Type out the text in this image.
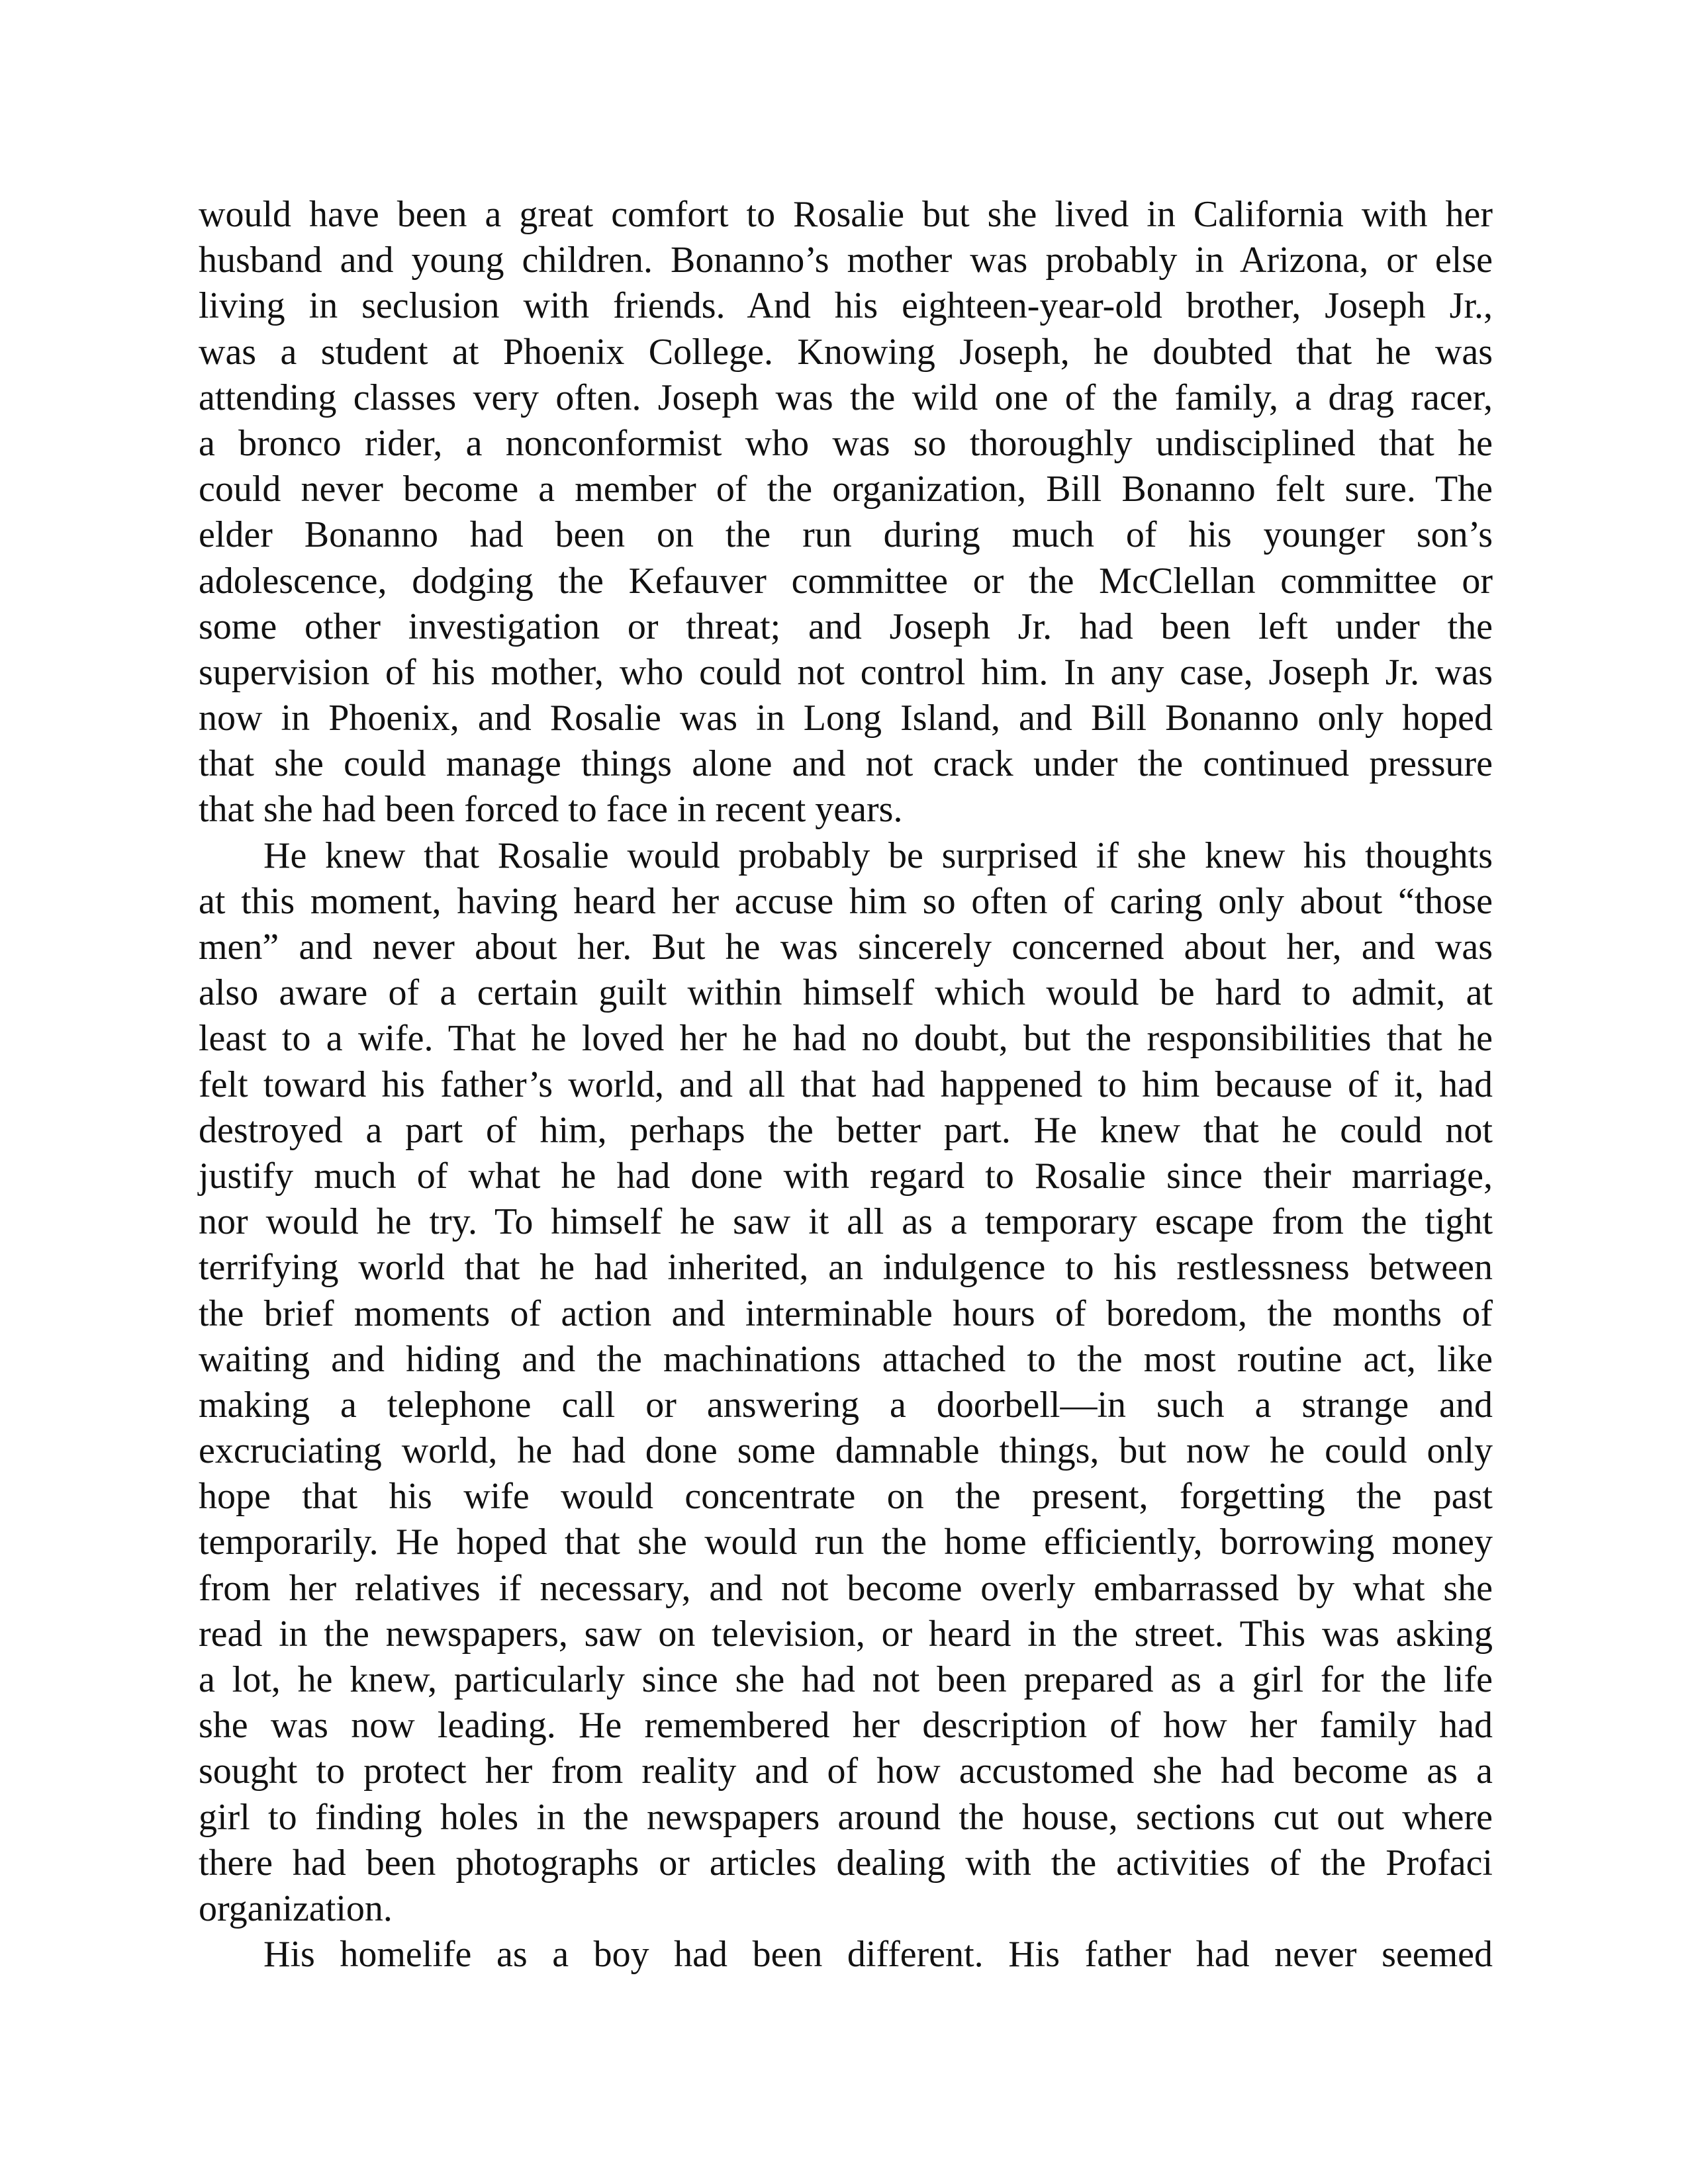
would have been a great comfort to Rosalie but she lived in California with her
husband and young children. Bonanno’s mother was probably in Arizona, or else
living in seclusion with friends. And his eighteen-year-old brother, Joseph Jr.,
was a student at Phoenix College. Knowing Joseph, he doubted that he was
attending classes very often. Joseph was the wild one of the family, a drag racer,
a bronco rider, a nonconformist who was so thoroughly undisciplined that he
could never become a member of the organization, Bill Bonanno felt sure. The
elder Bonanno had been on the run during much of his younger son’s
adolescence, dodging the Kefauver committee or the McClellan committee or
some other investigation or threat; and Joseph Jr. had been left under the
supervision of his mother, who could not control him. In any case, Joseph Jr. was
now in Phoenix, and Rosalie was in Long Island, and Bill Bonanno only hoped
that she could manage things alone and not crack under the continued pressure
that she had been forced to face in recent years.
He knew that Rosalie would probably be surprised if she knew his thoughts
at this moment, having heard her accuse him so often of caring only about “those
men” and never about her. But he was sincerely concerned about her, and was
also aware of a certain guilt within himself which would be hard to admit, at
least to a wife. That he loved her he had no doubt, but the responsibilities that he
felt toward his father’s world, and all that had happened to him because of it, had
destroyed a part of him, perhaps the better part. He knew that he could not
justify much of what he had done with regard to Rosalie since their marriage,
nor would he try. To himself he saw it all as a temporary escape from the tight
terrifying world that he had inherited, an indulgence to his restlessness between
the brief moments of action and interminable hours of boredom, the months of
waiting and hiding and the machinations attached to the most routine act, like
making a telephone call or answering a doorbell—in such a strange and
excruciating world, he had done some damnable things, but now he could only
hope that his wife would concentrate on the present, forgetting the past
temporarily. He hoped that she would run the home efficiently, borrowing money
from her relatives if necessary, and not become overly embarrassed by what she
read in the newspapers, saw on television, or heard in the street. This was asking
a lot, he knew, particularly since she had not been prepared as a girl for the life
she was now leading. He remembered her description of how her family had
sought to protect her from reality and of how accustomed she had become as a
girl to finding holes in the newspapers around the house, sections cut out where
there had been photographs or articles dealing with the activities of the Profaci
organization.
His homelife as a boy had been different. His father had never seemed
